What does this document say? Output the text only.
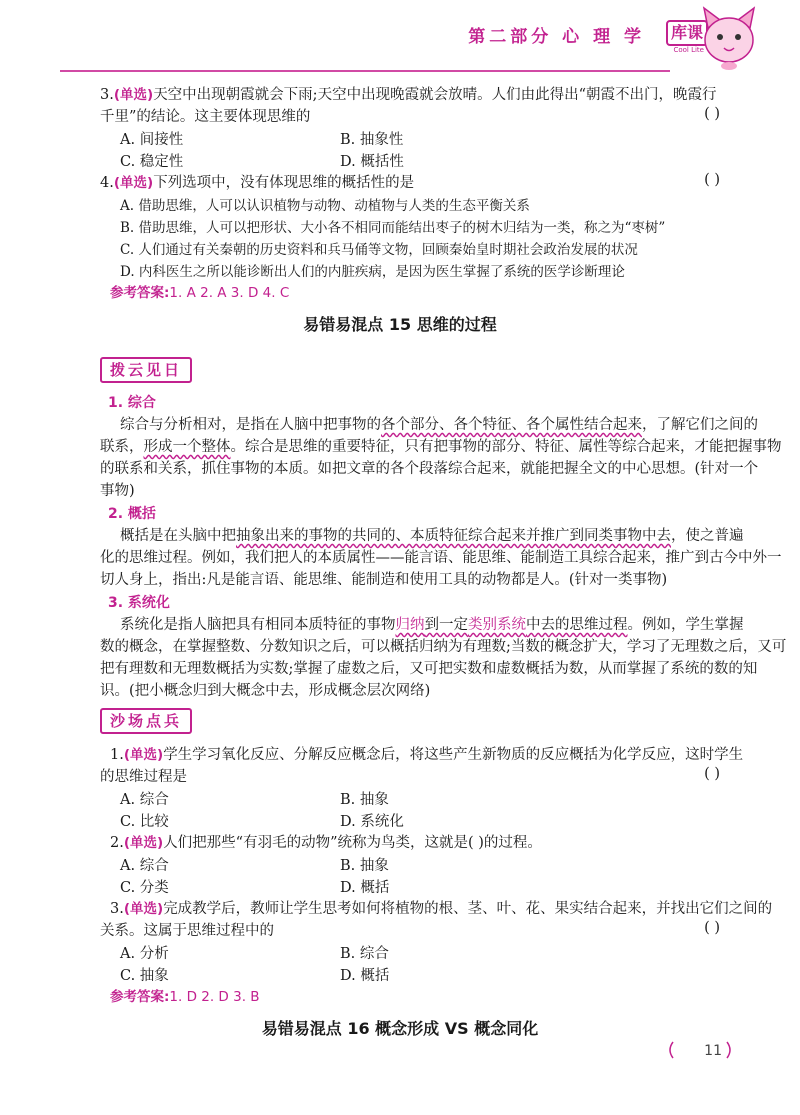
第二部分 心 理 学	库课
Cool Lite
3.(单选)天空中出现朝霞就会下雨;天空中出现晚霞就会放晴。人们由此得出“朝霞不出门，晚霞行
千里”的结论。这主要体现思维的	( )
A. 间接性	B. 抽象性
C. 稳定性	D. 概括性
4.(单选)下列选项中，没有体现思维的概括性的是	( )
A. 借助思维，人可以认识植物与动物、动植物与人类的生态平衡关系
B. 借助思维，人可以把形状、大小各不相同而能结出枣子的树木归结为一类，称之为“枣树”
C. 人们通过有关秦朝的历史资料和兵马俑等文物，回顾秦始皇时期社会政治发展的状况
D. 内科医生之所以能诊断出人们的内脏疾病，是因为医生掌握了系统的医学诊断理论
参考答案:1. A 2. A 3. D 4. C
易错易混点 15 思维的过程
拨云见日
1. 综合
综合与分析相对，是指在人脑中把事物的各个部分、各个特征、各个属性结合起来，了解它们之间的
联系，形成一个整体。综合是思维的重要特征，只有把事物的部分、特征、属性等综合起来，才能把握事物
的联系和关系，抓住事物的本质。如把文章的各个段落综合起来，就能把握全文的中心思想。(针对一个
事物)
2. 概括
概括是在头脑中把抽象出来的事物的共同的、本质特征综合起来并推广到同类事物中去，使之普遍
化的思维过程。例如，我们把人的本质属性——能言语、能思维、能制造工具综合起来，推广到古今中外一
切人身上，指出:凡是能言语、能思维、能制造和使用工具的动物都是人。(针对一类事物)
3. 系统化
系统化是指人脑把具有相同本质特征的事物归纳到一定类别系统中去的思维过程。例如，学生掌握
数的概念，在掌握整数、分数知识之后，可以概括归纳为有理数;当数的概念扩大，学习了无理数之后，又可
把有理数和无理数概括为实数;掌握了虚数之后，又可把实数和虚数概括为数，从而掌握了系统的数的知
识。(把小概念归到大概念中去，形成概念层次网络)
沙场点兵
1.(单选)学生学习氧化反应、分解反应概念后，将这些产生新物质的反应概括为化学反应，这时学生
的思维过程是	( )
A. 综合	B. 抽象
C. 比较	D. 系统化
2.(单选)人们把那些“有羽毛的动物”统称为鸟类，这就是( )的过程。
A. 综合	B. 抽象
C. 分类	D. 概括
3.(单选)完成教学后，教师让学生思考如何将植物的根、茎、叶、花、果实结合起来，并找出它们之间的
关系。这属于思维过程中的	( )
A. 分析	B. 综合
C. 抽象	D. 概括
参考答案:1. D 2. D 3. B
易错易混点 16 概念形成 VS 概念同化
11
